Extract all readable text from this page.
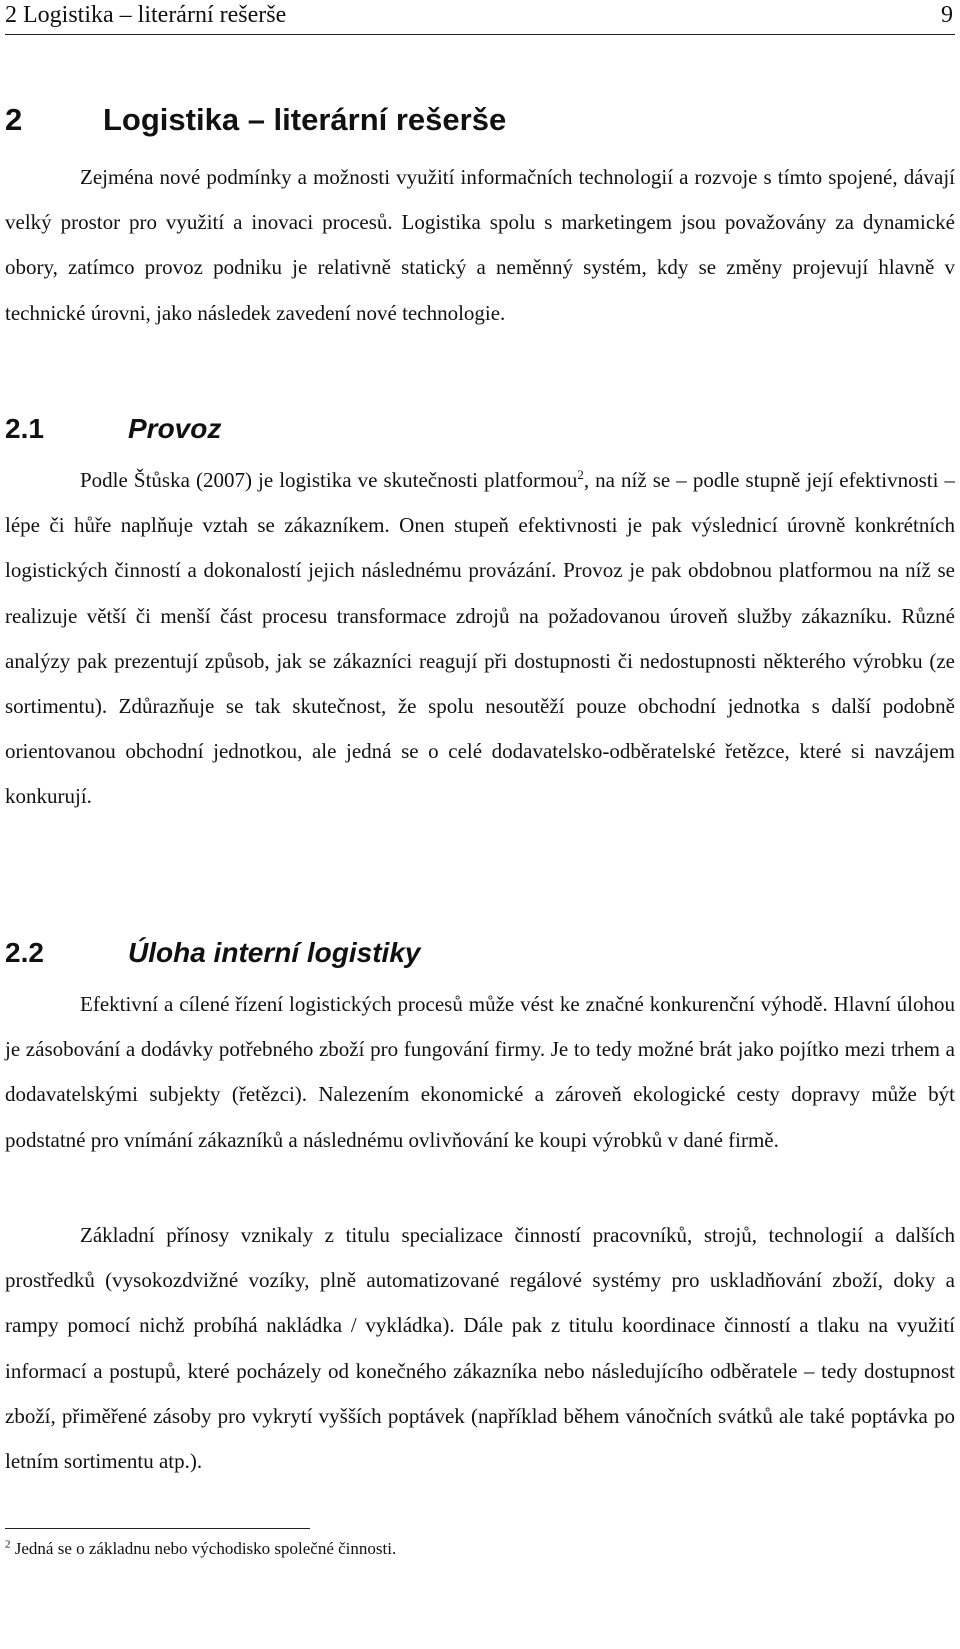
2 Logistika – literární rešerše	9
2	Logistika – literární rešerše

Zejména nové podmínky a možnosti využití informačních technologií a rozvoje s tímto spojené, dávají velký prostor pro využití a inovaci procesů. Logistika spolu s marketingem jsou považovány za dynamické obory, zatímco provoz podniku je relativně statický a neměnný systém, kdy se změny projevují hlavně v technické úrovni, jako následek zavedení nové technologie.

2.1	Provoz

Podle Štůska (2007) je logistika ve skutečnosti platformou$^2$, na níž se – podle stupně její efektivnosti – lépe či hůře naplňuje vztah se zákazníkem. Onen stupeň efektivnosti je pak výslednicí úrovně konkrétních logistických činností a dokonalostí jejich následnému provázání. Provoz je pak obdobnou platformou na níž se realizuje větší či menší část procesu transformace zdrojů na požadovanou úroveň služby zákazníku. Různé analýzy pak prezentují způsob, jak se zákazníci reagují při dostupnosti či nedostupnosti některého výrobku (ze sortimentu). Zdůrazňuje se tak skutečnost, že spolu nesoutěží pouze obchodní jednotka s další podobně orientovanou obchodní jednotkou, ale jedná se o celé dodavatelsko-odběratelské řetězce, které si navzájem konkurují.

2.2	Úloha interní logistiky

Efektivní a cílené řízení logistických procesů může vést ke značné konkurenční výhodě. Hlavní úlohou je zásobování a dodávky potřebného zboží pro fungování firmy. Je to tedy možné brát jako pojítko mezi trhem a dodavatelskými subjekty (řetězci). Nalezením ekonomické a zároveň ekologické cesty dopravy může být podstatné pro vnímání zákazníků a následnému ovlivňování ke koupi výrobků v dané firmě.

Základní přínosy vznikaly z titulu specializace činností pracovníků, strojů, technologií a dalších prostředků (vysokozdvižné vozíky, plně automatizované regálové systémy pro uskladňování zboží, doky a rampy pomocí nichž probíhá nakládka / vykládka). Dále pak z titulu koordinace činností a tlaku na využití informací a postupů, které pocházely od konečného zákazníka nebo následujícího odběratele – tedy dostupnost zboží, přiměřené zásoby pro vykrytí vyšších poptávek (například během vánočních svátků ale také poptávka po letním sortimentu atp.).

$^2$ Jedná se o základnu nebo východisko společné činnosti.
